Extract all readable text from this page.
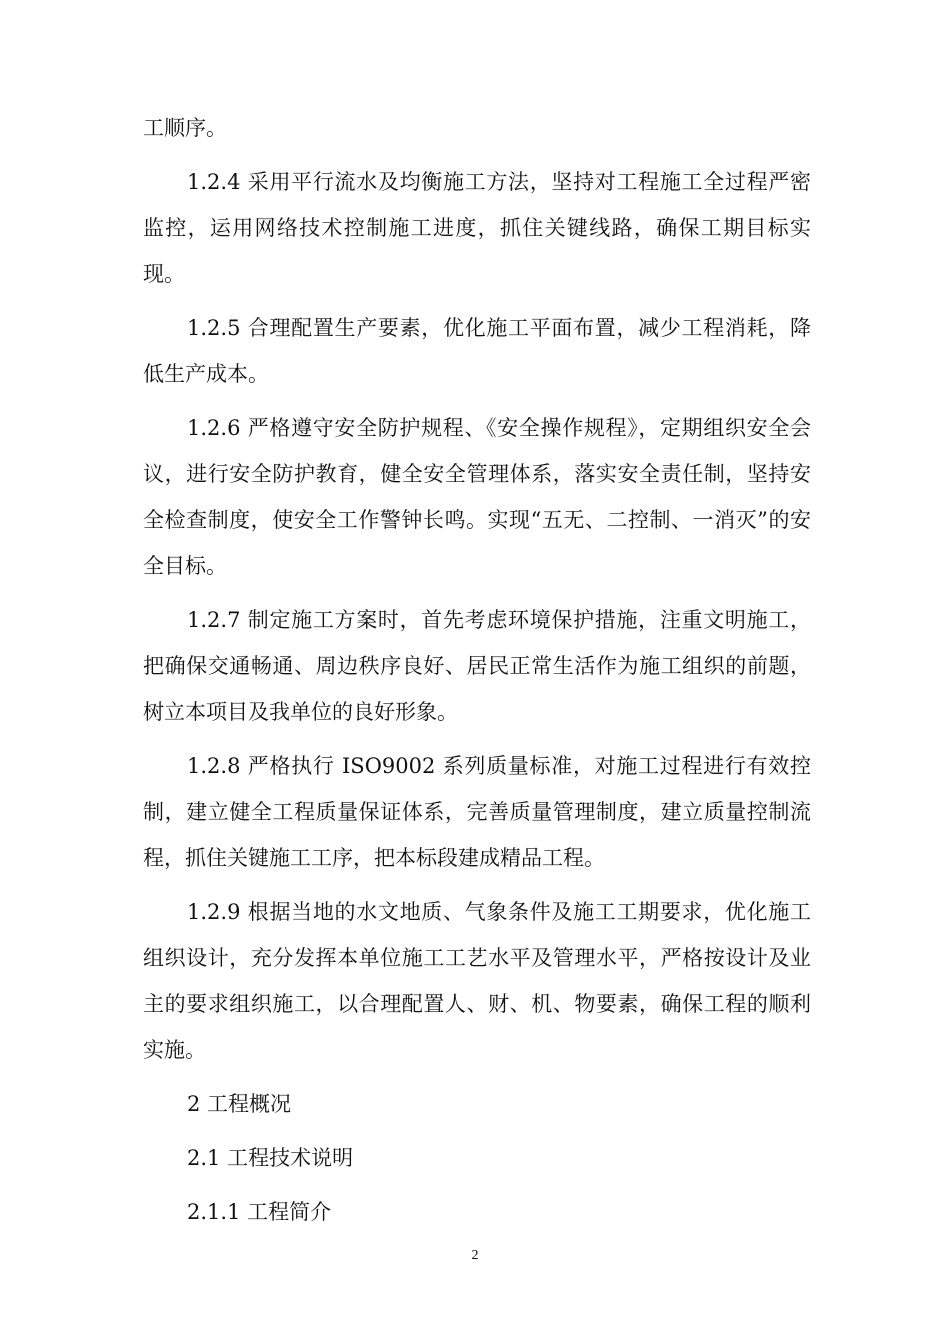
工顺序。

1.2.4 采用平行流水及均衡施工方法，坚持对工程施工全过程严密监控，运用网络技术控制施工进度，抓住关键线路，确保工期目标实现。

1.2.5 合理配置生产要素，优化施工平面布置，减少工程消耗，降低生产成本。

1.2.6 严格遵守安全防护规程、《安全操作规程》，定期组织安全会议，进行安全防护教育，健全安全管理体系，落实安全责任制，坚持安全检查制度，使安全工作警钟长鸣。实现“五无、二控制、一消灭”的安全目标。

1.2.7 制定施工方案时，首先考虑环境保护措施，注重文明施工，把确保交通畅通、周边秩序良好、居民正常生活作为施工组织的前题，树立本项目及我单位的良好形象。

1.2.8 严格执行 ISO9002 系列质量标准，对施工过程进行有效控制，建立健全工程质量保证体系，完善质量管理制度，建立质量控制流程，抓住关键施工工序，把本标段建成精品工程。

1.2.9 根据当地的水文地质、气象条件及施工工期要求，优化施工组织设计，充分发挥本单位施工工艺水平及管理水平，严格按设计及业主的要求组织施工，以合理配置人、财、机、物要素，确保工程的顺利实施。

2 工程概况

2.1 工程技术说明

2.1.1 工程简介

2
